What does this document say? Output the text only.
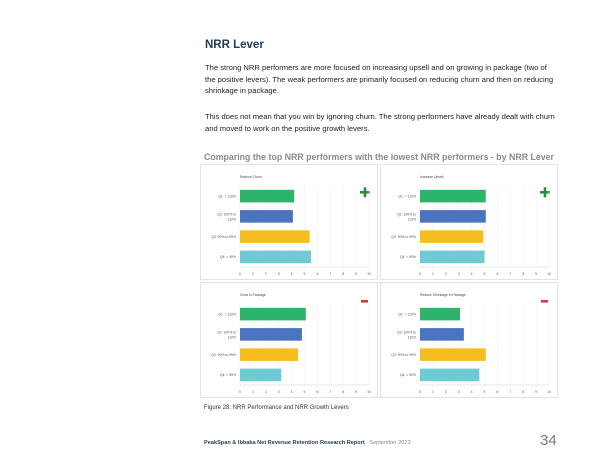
NRR Lever
The strong NRR performers are more focused on increasing upsell and on growing in package (two of the positive levers). The weak performers are primarily focused on reducing churn and then on reducing shrinkage in package.
This does not mean that you win by ignoring churn. The strong performers have already dealt with churn and moved to work on the positive growth levers.
Comparing the top NRR performers with the lowest NRR performers - by NRR Lever
Reduce Churn
0	1	2	3	4	5	6	7	8	9	10
Q1: > 110%
Q2: 100% to
110%
Q3: 90% to 99%
Q4: < 90%
Increase Upsell
0	1	2	3	4	5	6	7	8	9	10
Q1: > 110%
Q2: 100% to
110%
Q3: 90% to 99%
Q4: < 90%
Grow in Package
0	1	2	3	4	5	6	7	8	9	10
Q1: > 110%
Q2: 100% to
110%
Q3: 90% to 99%
Q4: < 90%
Reduce Shrinkage in Package
0	1	2	3	4	5	6	7	8	9	10
Q1: > 110%
Q2: 100% to
110%
Q3: 90% to 99%
Q4: < 90%
Figure 28: NRR Performance and NRR Growth Levers
PeakSpan & Ibbaka Net Revenue Retention Research Report September 2023	34
